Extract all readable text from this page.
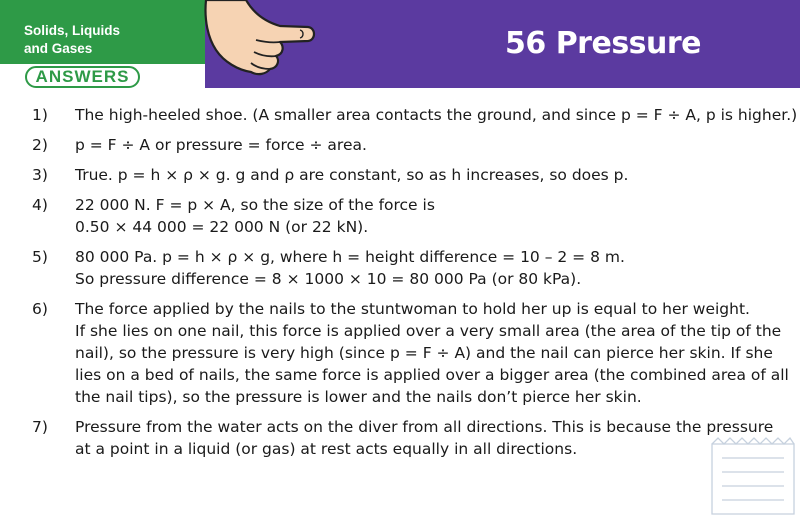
Solids, Liquids
and Gases	56 Pressure
ANSWERS
1) The high-heeled shoe. (A smaller area contacts the ground, and since p = F ÷ A, p is higher.)
2) p = F ÷ A or pressure = force ÷ area.
3) True. p = h × ρ × g. g and ρ are constant, so as h increases, so does p.
4) 22 000 N. F = p × A, so the size of the force is
0.50 × 44 000 = 22 000 N (or 22 kN).
5) 80 000 Pa. p = h × ρ × g, where h = height difference = 10 – 2 = 8 m.
So pressure difference = 8 × 1000 × 10 = 80 000 Pa (or 80 kPa).
6) The force applied by the nails to the stuntwoman to hold her up is equal to her weight.
If she lies on one nail, this force is applied over a very small area (the area of the tip of the
nail), so the pressure is very high (since p = F ÷ A) and the nail can pierce her skin. If she
lies on a bed of nails, the same force is applied over a bigger area (the combined area of all
the nail tips), so the pressure is lower and the nails don’t pierce her skin.
7) Pressure from the water acts on the diver from all directions. This is because the pressure
at a point in a liquid (or gas) at rest acts equally in all directions.
